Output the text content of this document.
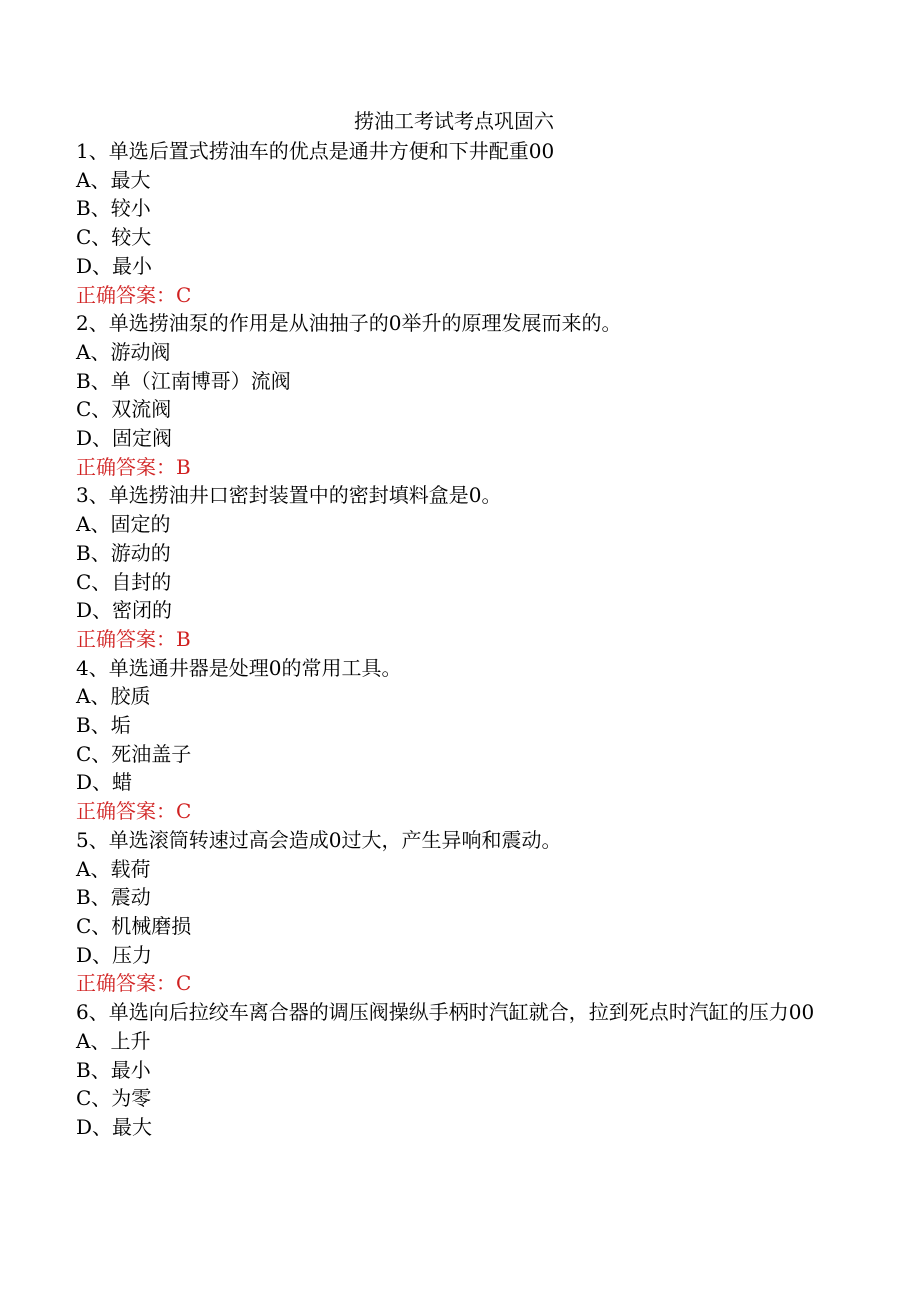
捞油工考试考点巩固六

1、单选后置式捞油车的优点是通井方便和下井配重00

A、最大

B、较小

C、较大

D、最小

正确答案：C

2、单选捞油泵的作用是从油抽子的0举升的原理发展而来的。

A、游动阀

B、单（江南博哥）流阀

C、双流阀

D、固定阀

正确答案：B

3、单选捞油井口密封装置中的密封填料盒是0。

A、固定的

B、游动的

C、自封的

D、密闭的

正确答案：B

4、单选通井器是处理0的常用工具。

A、胶质

B、垢

C、死油盖子

D、蜡

正确答案：C

5、单选滚筒转速过高会造成0过大，产生异响和震动。

A、载荷

B、震动

C、机械磨损

D、压力

正确答案：C

6、单选向后拉绞车离合器的调压阀操纵手柄时汽缸就合，拉到死点时汽缸的压力00

A、上升

B、最小

C、为零

D、最大
